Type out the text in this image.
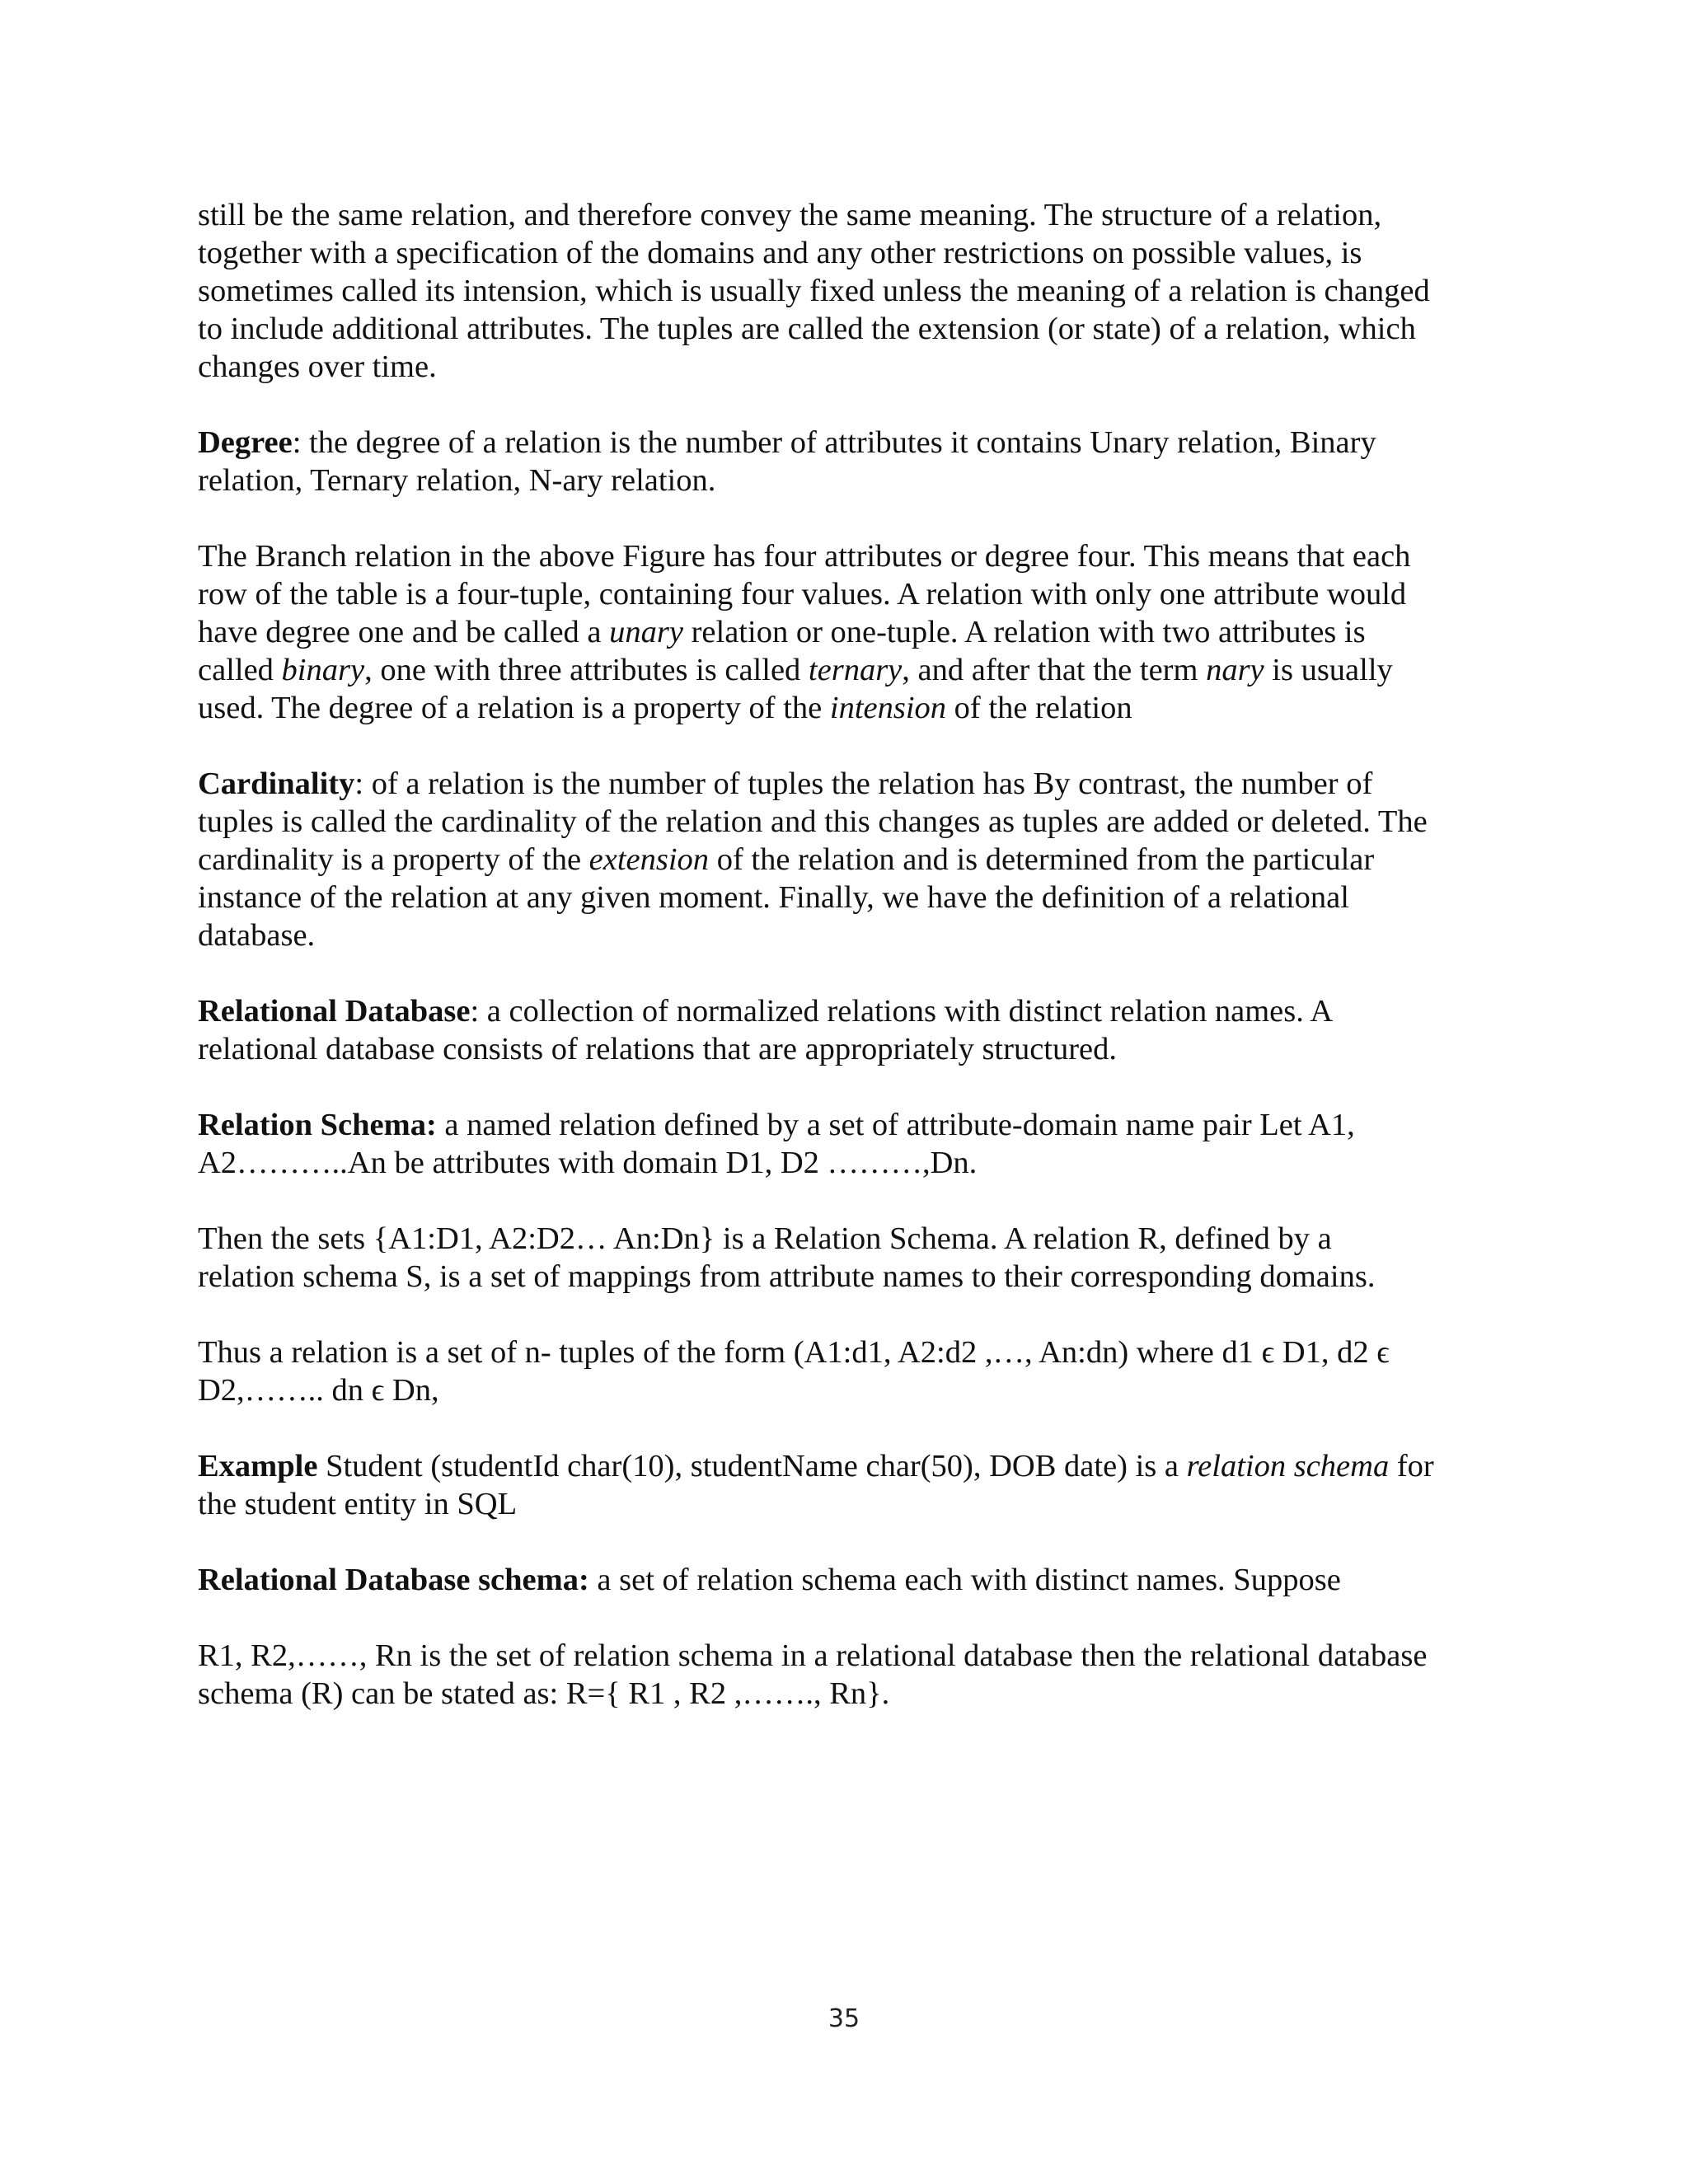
still be the same relation, and therefore convey the same meaning. The structure of a relation,
together with a specification of the domains and any other restrictions on possible values, is
sometimes called its intension, which is usually fixed unless the meaning of a relation is changed
to include additional attributes. The tuples are called the extension (or state) of a relation, which
changes over time.

Degree: the degree of a relation is the number of attributes it contains Unary relation, Binary
relation, Ternary relation, N-ary relation.

The Branch relation in the above Figure has four attributes or degree four. This means that each
row of the table is a four-tuple, containing four values. A relation with only one attribute would
have degree one and be called a unary relation or one-tuple. A relation with two attributes is
called binary, one with three attributes is called ternary, and after that the term nary is usually
used. The degree of a relation is a property of the intension of the relation

Cardinality: of a relation is the number of tuples the relation has By contrast, the number of
tuples is called the cardinality of the relation and this changes as tuples are added or deleted. The
cardinality is a property of the extension of the relation and is determined from the particular
instance of the relation at any given moment. Finally, we have the definition of a relational
database.

Relational Database: a collection of normalized relations with distinct relation names. A
relational database consists of relations that are appropriately structured.

Relation Schema: a named relation defined by a set of attribute-domain name pair Let A1,
A2………..An be attributes with domain D1, D2 ………,Dn.

Then the sets {A1:D1, A2:D2… An:Dn} is a Relation Schema. A relation R, defined by a
relation schema S, is a set of mappings from attribute names to their corresponding domains.

Thus a relation is a set of n- tuples of the form (A1:d1, A2:d2 ,…, An:dn) where d1 ϵ D1, d2 ϵ
D2,…….. dn ϵ Dn,

Example Student (studentId char(10), studentName char(50), DOB date) is a relation schema for
the student entity in SQL

Relational Database schema: a set of relation schema each with distinct names. Suppose

R1, R2,……, Rn is the set of relation schema in a relational database then the relational database
schema (R) can be stated as: R={ R1 , R2 ,……., Rn}.

35
